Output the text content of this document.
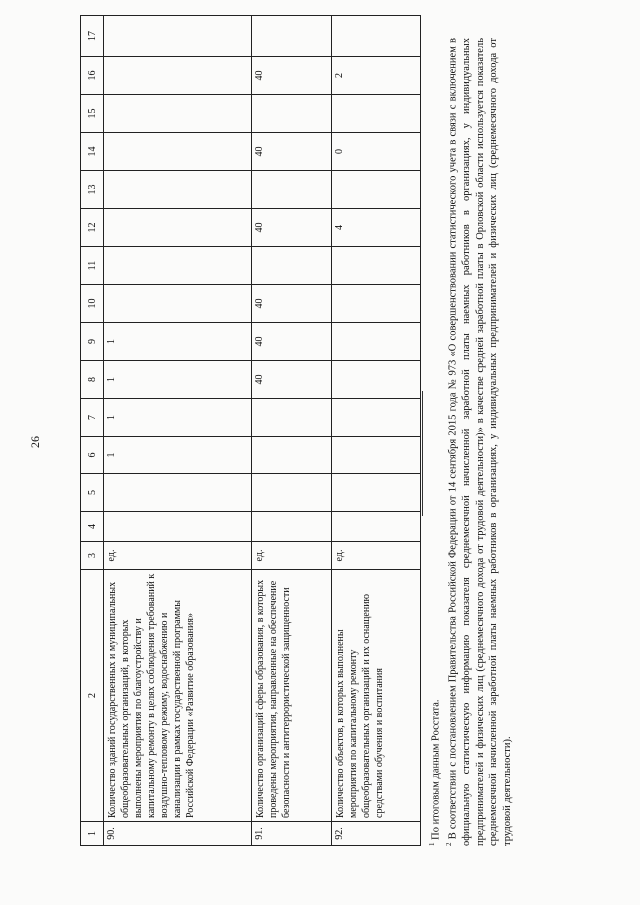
26
1	2	3	4	5	6	7	8	9	10	11	12	13	14	15	16	17
90.	Количество зданий государственных и муниципальных общеобразовательных организаций, в которых выполнены мероприятия по благоустройству и капитальному ремонту в целях соблюдения требований к воздушно-тепловому режиму, водоснабжению и канализации в рамках государственной программы Российской Федерации «Развитие образования»	ед.			1	1	1	1								
91.	Количество организаций сферы образования, в которых проведены мероприятия, направленные на обеспечение безопасности и антитеррористической защищенности	ед.					40	40	40		40		40		40	
92.	Количество объектов, в которых выполнены мероприятия по капитальному ремонту общеобразовательных организаций и их оснащению средствами обучения и воспитания	ед.									4		0		2	

$^1$ По итоговым данным Росстата.

$^2$ В соответствии с постановлением Правительства Российской Федерации от 14 сентября 2015 года № 973 «О совершенствовании статистического учета в связи с включением в официальную статистическую информацию показателя среднемесячной начисленной заработной платы наемных работников в организациях, у индивидуальных предпринимателей и физических лиц (среднемесячного дохода от трудовой деятельности)» в качестве средней заработной платы в Орловской области используется показатель среднемесячной начисленной заработной платы наемных работников в организациях, у индивидуальных предпринимателей и физических лиц (среднемесячного дохода от трудовой деятельности).
